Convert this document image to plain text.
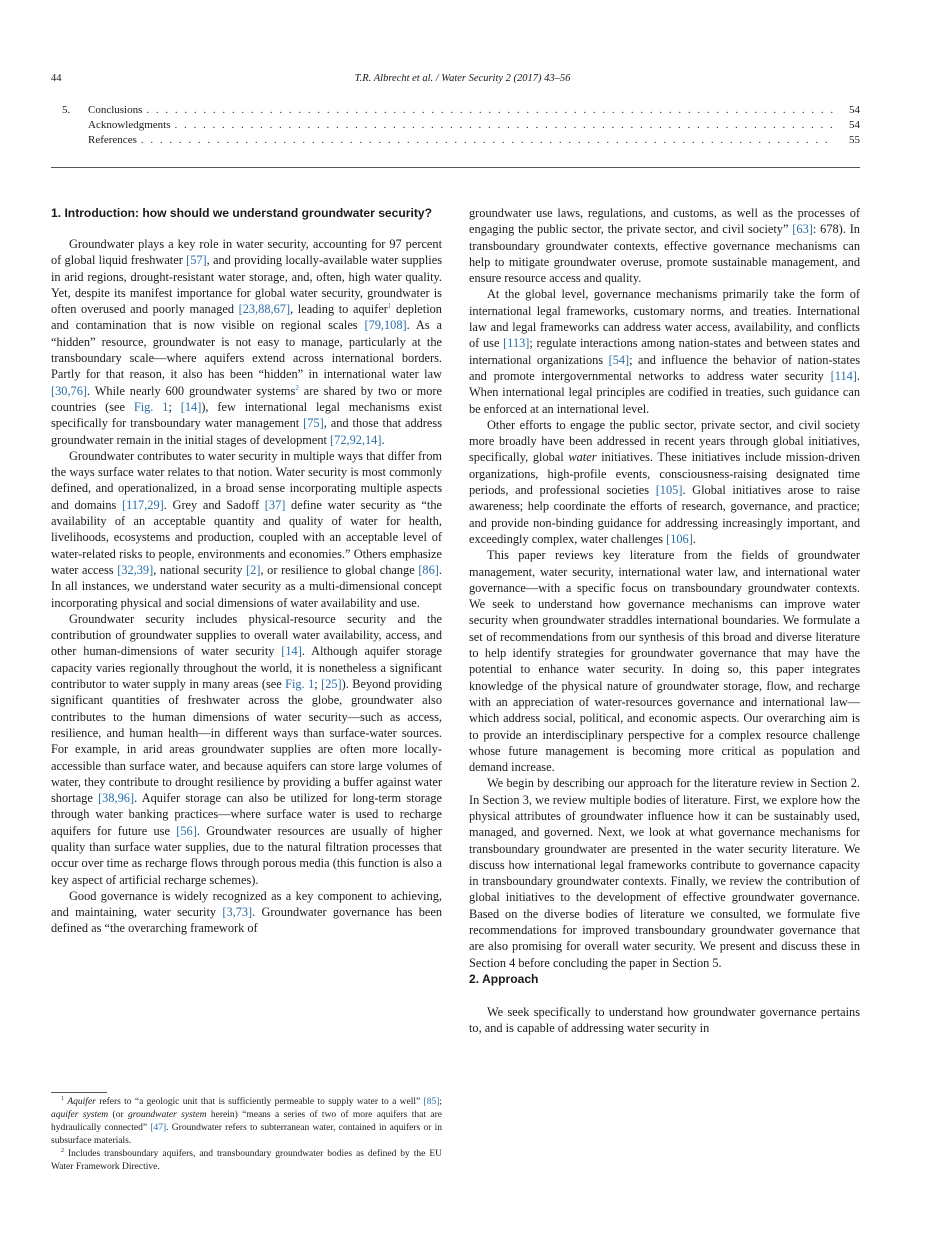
44	T.R. Albrecht et al. / Water Security 2 (2017) 43–56
5.	Conclusions . . .	54
Acknowledgments . . .	54
References . . .	55
1. Introduction: how should we understand groundwater security?

Groundwater plays a key role in water security, accounting for 97 percent of global liquid freshwater [57], and providing locally-available water supplies in arid regions, drought-resistant water storage, and, often, high water quality. Yet, despite its manifest importance for global water security, groundwater is often overused and poorly managed [23,88,67], leading to aquifer$^1$ depletion and contamination that is now visible on regional scales [79,108]. As a “hidden” resource, groundwater is not easy to manage, particularly at the transboundary scale—where aquifers extend across international borders. Partly for that reason, it also has been “hidden” in international water law [30,76]. While nearly 600 groundwater systems$^2$ are shared by two or more countries (see Fig. 1; [14]), few international legal mechanisms exist specifically for transboundary water management [75], and those that address groundwater remain in the initial stages of development [72,92,14].

Groundwater contributes to water security in multiple ways that differ from the ways surface water relates to that notion. Water security is most commonly defined, and operationalized, in a broad sense incorporating multiple aspects and domains [117,29]. Grey and Sadoff [37] define water security as “the availability of an acceptable quantity and quality of water for health, livelihoods, ecosystems and production, coupled with an acceptable level of water-related risks to people, environments and economies.” Others emphasize water access [32,39], national security [2], or resilience to global change [86]. In all instances, we understand water security as a multi-dimensional concept incorporating physical and social dimensions of water availability and use.

Groundwater security includes physical-resource security and the contribution of groundwater supplies to overall water availability, access, and other human-dimensions of water security [14]. Although aquifer storage capacity varies regionally throughout the world, it is nonetheless a significant contributor to water supply in many areas (see Fig. 1; [25]). Beyond providing significant quantities of freshwater across the globe, groundwater also contributes to the human dimensions of water security—such as access, resilience, and human health—in different ways than surface-water sources. For example, in arid areas groundwater supplies are often more locally-accessible than surface water, and because aquifers can store large volumes of water, they contribute to drought resilience by providing a buffer against water shortage [38,96]. Aquifer storage can also be utilized for long-term storage through water banking practices—where surface water is used to recharge aquifers for future use [56]. Groundwater resources are usually of higher quality than surface water supplies, due to the natural filtration processes that occur over time as recharge flows through porous media (this function is also a key aspect of artificial recharge schemes).

Good governance is widely recognized as a key component to achieving, and maintaining, water security [3,73]. Groundwater governance has been defined as “the overarching framework of

groundwater use laws, regulations, and customs, as well as the processes of engaging the public sector, the private sector, and civil society” [63]: 678). In transboundary groundwater contexts, effective governance mechanisms can help to mitigate groundwater overuse, promote sustainable management, and ensure resource access and quality.

At the global level, governance mechanisms primarily take the form of international legal frameworks, customary norms, and treaties. International law and legal frameworks can address water access, availability, and conflicts of use [113]; regulate interactions among nation-states and between states and international organizations [54]; and influence the behavior of nation-states and promote intergovernmental networks to address water security [114]. When international legal principles are codified in treaties, such guidance can be enforced at an international level.

Other efforts to engage the public sector, private sector, and civil society more broadly have been addressed in recent years through global initiatives, specifically, global water initiatives. These initiatives include mission-driven organizations, high-profile events, consciousness-raising designated time periods, and professional societies [105]. Global initiatives arose to raise awareness; help coordinate the efforts of research, governance, and practice; and provide non-binding guidance for addressing increasingly important, and exceedingly complex, water challenges [106].

This paper reviews key literature from the fields of groundwater management, water security, international water law, and international water governance—with a specific focus on transboundary groundwater contexts. We seek to understand how governance mechanisms can improve water security when groundwater straddles international boundaries. We formulate a set of recommendations from our synthesis of this broad and diverse literature to help identify strategies for groundwater governance that may have the potential to enhance water security. In doing so, this paper integrates knowledge of the physical nature of groundwater storage, flow, and recharge with an appreciation of water-resources governance and international law—which address social, political, and economic aspects. Our overarching aim is to provide an interdisciplinary perspective for a complex resource challenge whose future management is becoming more critical as population and demand increase.

We begin by describing our approach for the literature review in Section 2. In Section 3, we review multiple bodies of literature. First, we explore how the physical attributes of groundwater influence how it can be sustainably used, managed, and governed. Next, we look at what governance mechanisms for transboundary groundwater are presented in the water security literature. We discuss how international legal frameworks contribute to governance capacity in transboundary groundwater contexts. Finally, we review the contribution of global initiatives to the development of effective groundwater governance. Based on the diverse bodies of literature we consulted, we formulate five recommendations for improved transboundary groundwater governance that are also promising for overall water security. We present and discuss these in Section 4 before concluding the paper in Section 5.

2. Approach

We seek specifically to understand how groundwater governance pertains to, and is capable of addressing water security in

$^1$ Aquifer refers to “a geologic unit that is sufficiently permeable to supply water to a well” [85]; aquifer system (or groundwater system herein) “means a series of two of more aquifers that are hydraulically connected” [47]. Groundwater refers to subterranean water, contained in aquifers or in subsurface materials.

$^2$ Includes transboundary aquifers, and transboundary groundwater bodies as defined by the EU Water Framework Directive.
